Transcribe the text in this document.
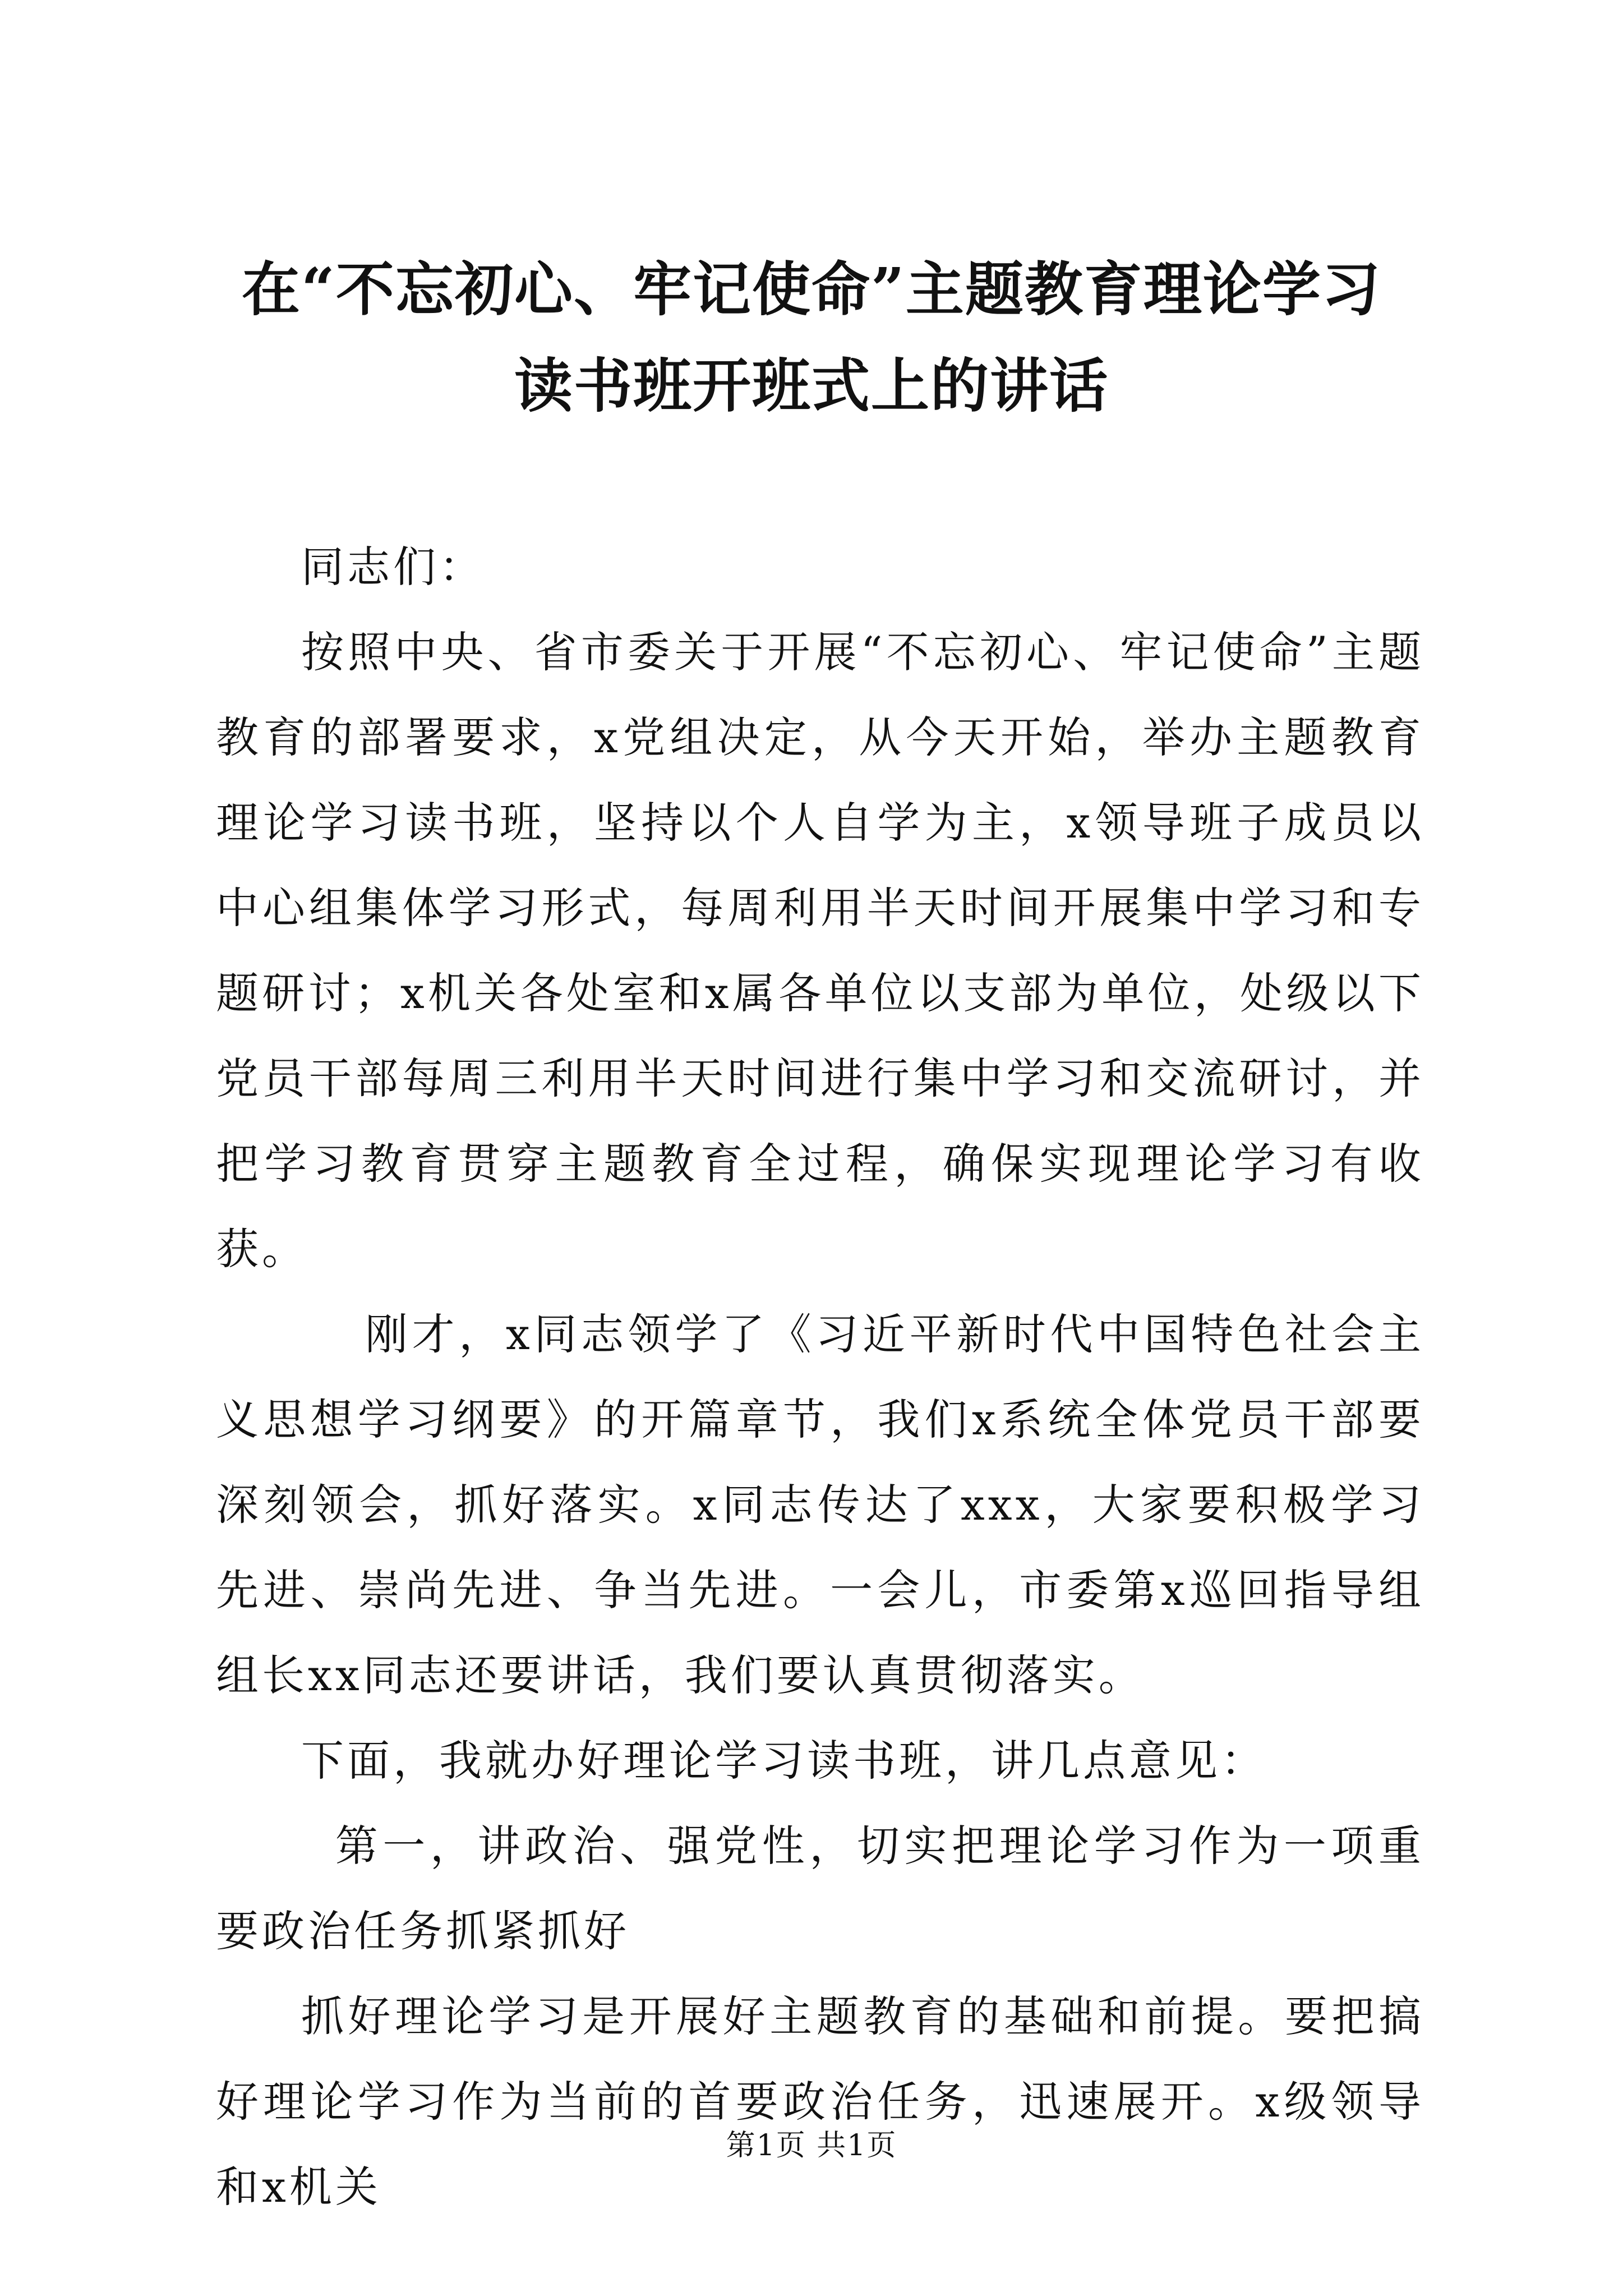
在“不忘初心、牢记使命”主题教育理论学习
读书班开班式上的讲话

同志们：

按照中央、省市委关于开展“不忘初心、牢记使命”主题教育的部署要求，x党组决定，从今天开始，举办主题教育理论学习读书班，坚持以个人自学为主，x领导班子成员以中心组集体学习形式，每周利用半天时间开展集中学习和专题研讨；x机关各处室和x属各单位以支部为单位，处级以下党员干部每周三利用半天时间进行集中学习和交流研讨，并把学习教育贯穿主题教育全过程，确保实现理论学习有收获。

刚才，x同志领学了《习近平新时代中国特色社会主义思想学习纲要》的开篇章节，我们x系统全体党员干部要深刻领会，抓好落实。x同志传达了xxx，大家要积极学习先进、崇尚先进、争当先进。一会儿，市委第x巡回指导组组长xx同志还要讲话，我们要认真贯彻落实。

下面，我就办好理论学习读书班，讲几点意见：

第一，讲政治、强党性，切实把理论学习作为一项重要政治任务抓紧抓好

抓好理论学习是开展好主题教育的基础和前提。要把搞好理论学习作为当前的首要政治任务，迅速展开。x级领导和x机关

第1页 共1页
